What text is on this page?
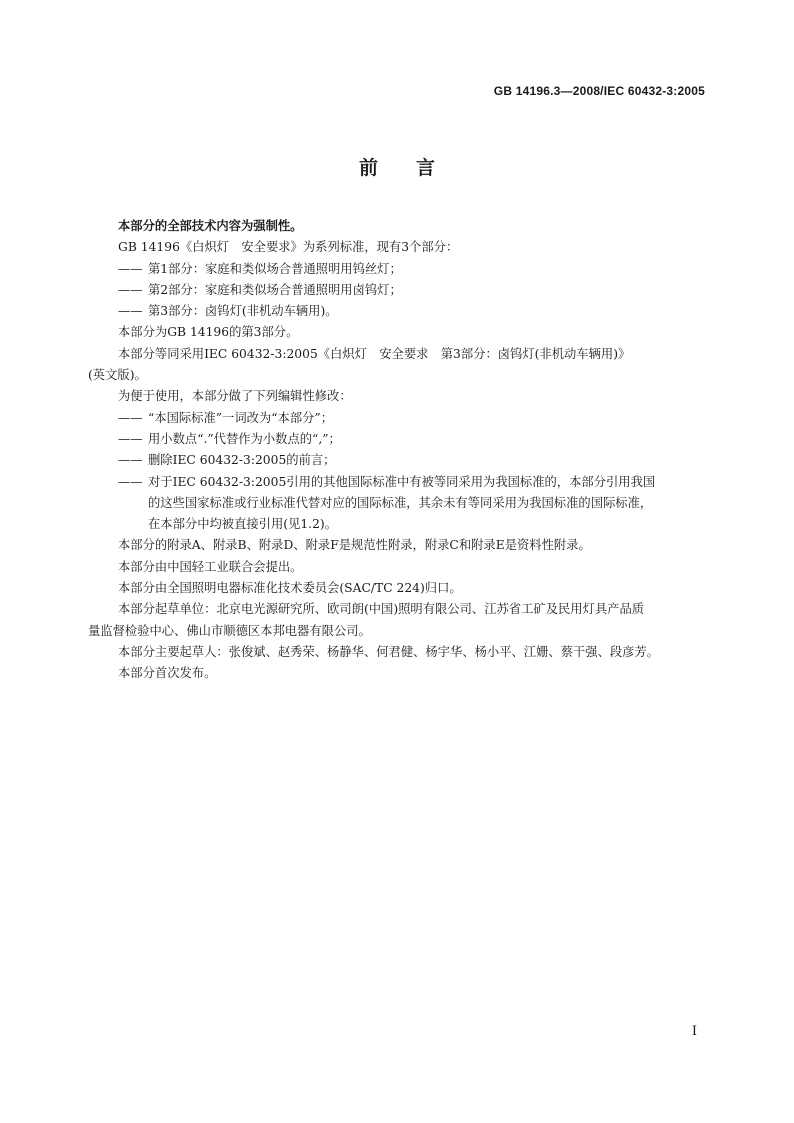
GB 14196.3—2008/IEC 60432-3:2005
前言
本部分的全部技术内容为强制性。
GB 14196《白炽灯　安全要求》为系列标准，现有3个部分：
—— 第1部分：家庭和类似场合普通照明用钨丝灯；
—— 第2部分：家庭和类似场合普通照明用卤钨灯；
—— 第3部分：卤钨灯(非机动车辆用)。
本部分为GB 14196的第3部分。
本部分等同采用IEC 60432-3:2005《白炽灯　安全要求　第3部分：卤钨灯(非机动车辆用)》
(英文版)。
为便于使用，本部分做了下列编辑性修改：
—— “本国际标准”一词改为“本部分”；
—— 用小数点“.”代替作为小数点的“,”；
—— 删除IEC 60432-3:2005的前言；
—— 对于IEC 60432-3:2005引用的其他国际标准中有被等同采用为我国标准的，本部分引用我国
的这些国家标准或行业标准代替对应的国际标准，其余未有等同采用为我国标准的国际标准，
在本部分中均被直接引用(见1.2)。
本部分的附录A、附录B、附录D、附录F是规范性附录，附录C和附录E是资料性附录。
本部分由中国轻工业联合会提出。
本部分由全国照明电器标准化技术委员会(SAC/TC 224)归口。
本部分起草单位：北京电光源研究所、欧司朗(中国)照明有限公司、江苏省工矿及民用灯具产品质
量监督检验中心、佛山市顺德区本邦电器有限公司。
本部分主要起草人：张俊斌、赵秀荣、杨静华、何君健、杨宇华、杨小平、江姗、蔡干强、段彦芳。
本部分首次发布。
I
